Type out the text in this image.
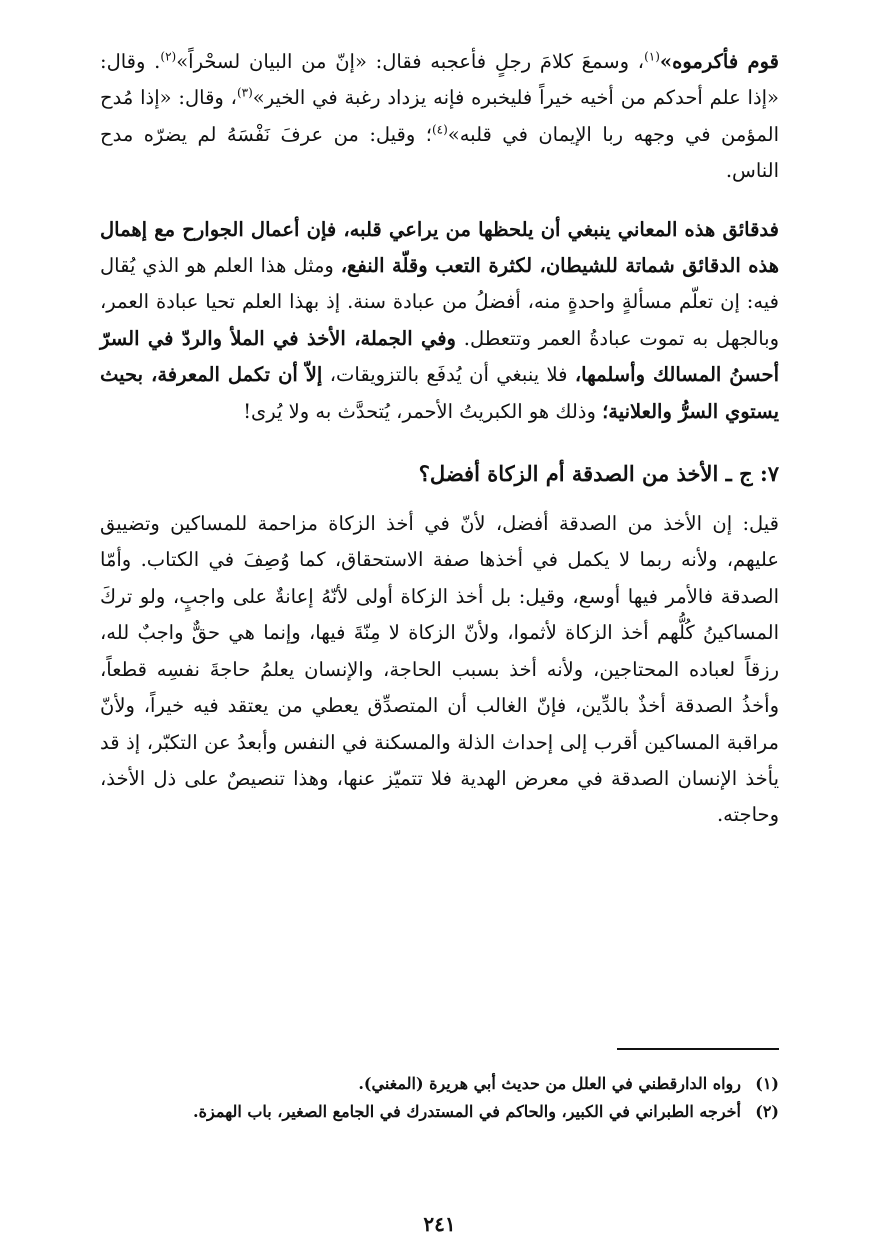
قوم فأكرموه»$^{(١)}$، وسمعَ كلامَ رجلٍ فأعجبه فقال: «إنّ من البيان لسحْراً»$^{(٢)}$. وقال: «إذا علم أحدكم من أخيه خيراً فليخبره فإنه يزداد رغبة في الخير»$^{(٣)}$، وقال: «إذا مُدح المؤمن في وجهه ربا الإيمان في قلبه»$^{(٤)}$؛ وقيل: من عرفَ نَفْسَهُ لم يضرّه مدح الناس.

فدقائق هذه المعاني ينبغي أن يلحظها من يراعي قلبه، فإن أعمال الجوارح مع إهمال هذه الدقائق شماتة للشيطان، لكثرة التعب وقلّة النفع، ومثل هذا العلم هو الذي يُقال فيه: إن تعلّم مسألةٍ واحدةٍ منه، أفضلُ من عبادة سنة. إذ بهذا العلم تحيا عبادة العمر، وبالجهل به تموت عبادةُ العمر وتتعطل. وفي الجملة، الأخذ في الملأ والردّ في السرّ أحسنُ المسالك وأسلمها، فلا ينبغي أن يُدفَع بالتزويقات، إلاّ أن تكمل المعرفة، بحيث يستوي السرُّ والعلانية؛ وذلك هو الكبريتُ الأحمر، يُتحدَّث به ولا يُرى!

٧: ج ـ الأخذ من الصدقة أم الزكاة أفضل؟

قيل: إن الأخذ من الصدقة أفضل، لأنّ في أخذ الزكاة مزاحمة للمساكين وتضييق عليهم، ولأنه ربما لا يكمل في أخذها صفة الاستحقاق، كما وُصِفَ في الكتاب. وأمّا الصدقة فالأمر فيها أوسع، وقيل: بل أخذ الزكاة أولى لأنّهُ إعانةٌ على واجبٍ، ولو تركَ المساكينُ كُلُّهم أخذ الزكاة لأثموا، ولأنّ الزكاة لا مِنّةَ فيها، وإنما هي حقٌّ واجبٌ لله، رزقاً لعباده المحتاجين، ولأنه أخذ بسبب الحاجة، والإنسان يعلمُ حاجةَ نفسِه قطعاً، وأخذُ الصدقة أخذٌ بالدِّين، فإنّ الغالب أن المتصدِّق يعطي من يعتقد فيه خيراً، ولأنّ مراقبة المساكين أقرب إلى إحداث الذلة والمسكنة في النفس وأبعدُ عن التكبّر، إذ قد يأخذ الإنسان الصدقة في معرض الهدية فلا تتميّز عنها، وهذا تنصيصٌ على ذل الأخذ، وحاجته.

(١)
رواه الدارقطني في العلل من حديث أبي هريرة (المغني).
(٢)
أخرجه الطبراني في الكبير، والحاكم في المستدرك في الجامع الصغير، باب الهمزة.
٢٤١
